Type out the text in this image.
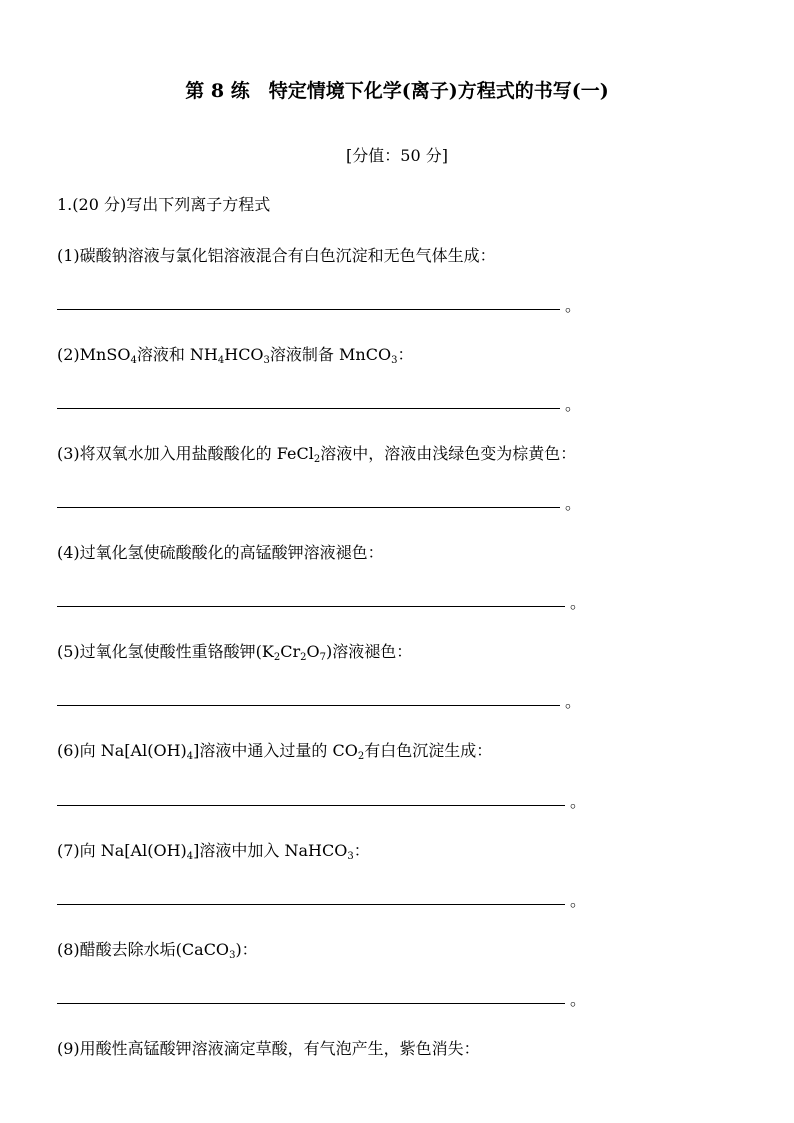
第 8 练　特定情境下化学(离子)方程式的书写(一)
[分值：50 分]
1.(20 分)写出下列离子方程式
(1)碳酸钠溶液与氯化铝溶液混合有白色沉淀和无色气体生成：
。
(2)MnSO$_4$溶液和 $NH_4HCO_3$溶液制备 MnCO$_3$：
。
(3)将双氧水加入用盐酸酸化的 FeCl$_2$溶液中，溶液由浅绿色变为棕黄色：
。
(4)过氧化氢使硫酸酸化的高锰酸钾溶液褪色：
。
(5)过氧化氢使酸性重铬酸钾$(K_2Cr_2O_7)$溶液褪色：
。
(6)向 $Na[Al(OH)_4]$溶液中通入过量的 $CO_2$有白色沉淀生成：
。
(7)向 $Na[Al(OH)_4]$溶液中加入 NaHCO$_3$：
。
(8)醋酸去除水垢(CaCO$_3$)：
。
(9)用酸性高锰酸钾溶液滴定草酸，有气泡产生，紫色消失：
